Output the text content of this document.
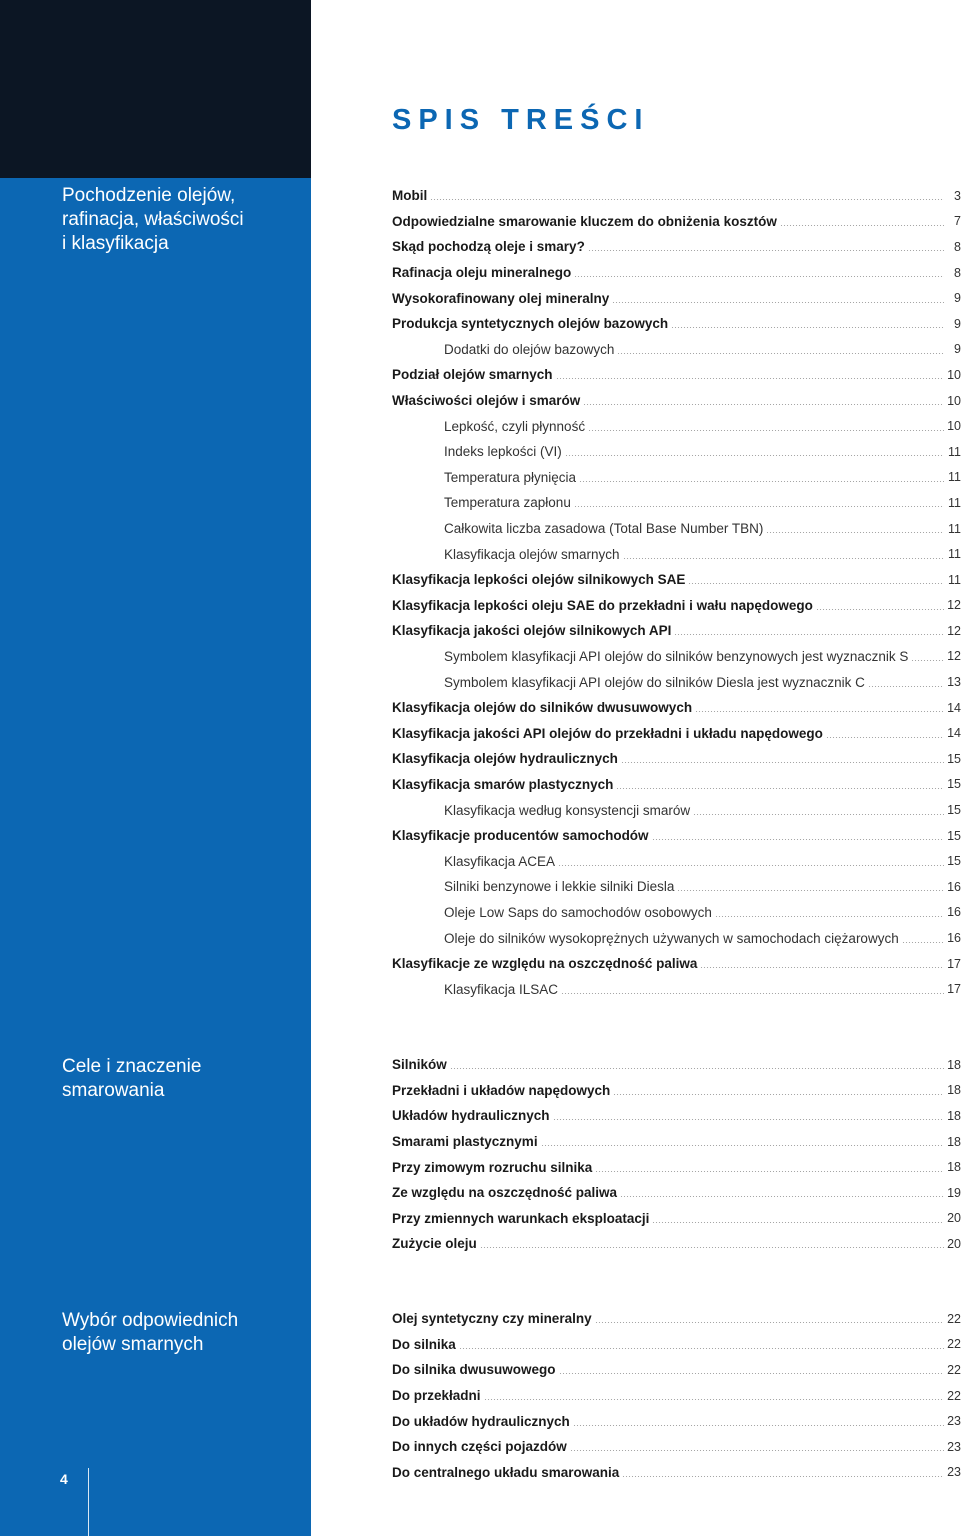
SPIS TREŚCI
Pochodzenie olejów,
rafinacja, właściwości
i klasyfikacja
Mobil	3
Odpowiedzialne smarowanie kluczem do obniżenia kosztów	7
Skąd pochodzą oleje i smary?	8
Rafinacja oleju mineralnego	8
Wysokorafinowany olej mineralny	9
Produkcja syntetycznych olejów bazowych	9
Dodatki do olejów bazowych	9
Podział olejów smarnych	10
Właściwości olejów i smarów	10
Lepkość, czyli płynność	10
Indeks lepkości (VI)	11
Temperatura płynięcia	11
Temperatura zapłonu	11
Całkowita liczba zasadowa (Total Base Number TBN)	11
Klasyfikacja olejów smarnych	11
Klasyfikacja lepkości olejów silnikowych SAE	11
Klasyfikacja lepkości oleju SAE do przekładni i wału napędowego	12
Klasyfikacja jakości olejów silnikowych API	12
Symbolem klasyfikacji API olejów do silników benzynowych jest wyznacznik S	12
Symbolem klasyfikacji API olejów do silników Diesla jest wyznacznik C	13
Klasyfikacja olejów do silników dwusuwowych	14
Klasyfikacja jakości API olejów do przekładni i układu napędowego	14
Klasyfikacja olejów hydraulicznych	15
Klasyfikacja smarów plastycznych	15
Klasyfikacja według konsystencji smarów	15
Klasyfikacje producentów samochodów	15
Klasyfikacja ACEA	15
Silniki benzynowe i lekkie silniki Diesla	16
Oleje Low Saps do samochodów osobowych	16
Oleje do silników wysokoprężnych używanych w samochodach ciężarowych	16
Klasyfikacje ze względu na oszczędność paliwa	17
Klasyfikacja ILSAC	17
Cele i znaczenie
smarowania
Silników	18
Przekładni i układów napędowych	18
Układów hydraulicznych	18
Smarami plastycznymi	18
Przy zimowym rozruchu silnika	18
Ze względu na oszczędność paliwa	19
Przy zmiennych warunkach eksploatacji	20
Zużycie oleju	20
Wybór odpowiednich
olejów smarnych
Olej syntetyczny czy mineralny	22
Do silnika	22
Do silnika dwusuwowego	22
Do przekładni	22
Do układów hydraulicznych	23
Do innych części pojazdów	23
Do centralnego układu smarowania	23

4
